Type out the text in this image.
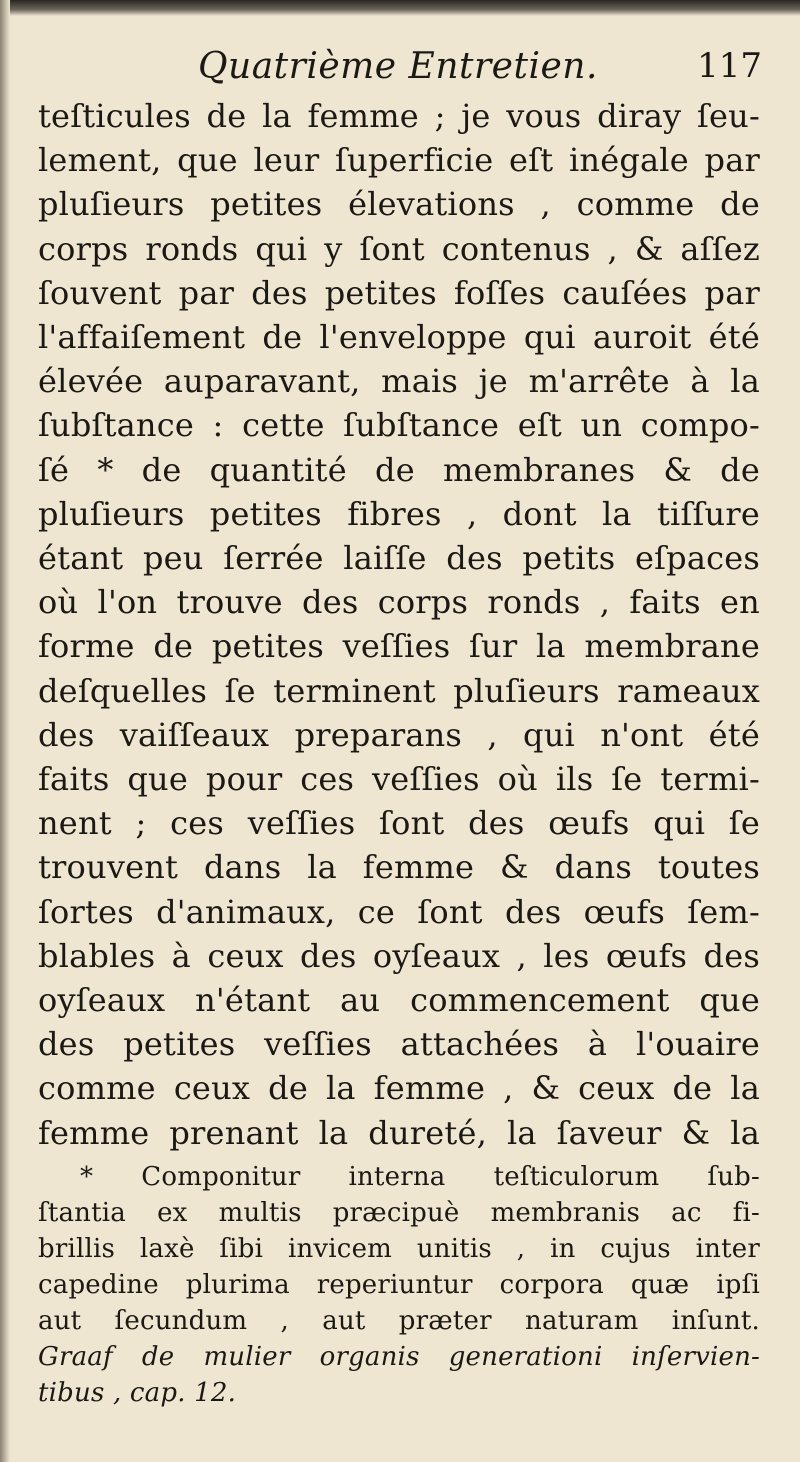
Quatrième Entretien.	117
teſticules de la femme ; je vous diray ſeu-
lement, que leur ſuperficie eſt inégale par
pluſieurs petites élevations , comme de
corps ronds qui y ſont contenus , & aſſez
ſouvent par des petites foſſes cauſées par
l'affaiſement de l'enveloppe qui auroit été
élevée auparavant, mais je m'arrête à la
ſubſtance : cette ſubſtance eſt un compo-
ſé * de quantité de membranes & de
pluſieurs petites fibres , dont la tiſſure
étant peu ſerrée laiſſe des petits eſpaces
où l'on trouve des corps ronds , faits en
forme de petites veſſies ſur la membrane
deſquelles ſe terminent pluſieurs rameaux
des vaiſſeaux preparans , qui n'ont été
faits que pour ces veſſies où ils ſe termi-
nent ; ces veſſies ſont des œufs qui ſe
trouvent dans la femme & dans toutes
ſortes d'animaux, ce ſont des œufs ſem-
blables à ceux des oyſeaux , les œufs des
oyſeaux n'étant au commencement que
des petites veſſies attachées à l'ouaire
comme ceux de la femme , & ceux de la
femme prenant la dureté, la ſaveur & la
* Componitur interna teſticulorum ſub-
ſtantia ex multis præcipuè membranis ac fi-
brillis laxè ſibi invicem unitis , in cujus inter
capedine plurima reperiuntur corpora quæ ipſi
aut ſecundum , aut præter naturam inſunt.
Graaf de mulier organis generationi inſervien-
tibus , cap. 12.
